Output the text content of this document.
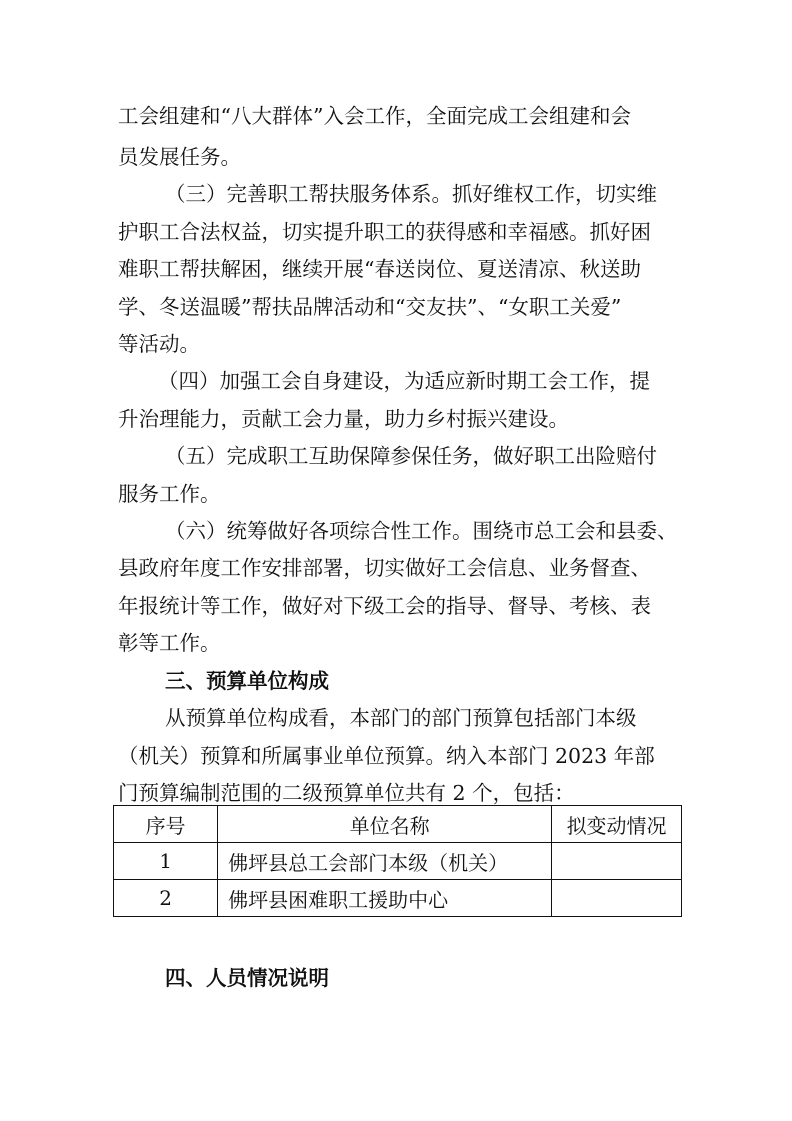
工会组建和“八大群体”入会工作，全面完成工会组建和会
员发展任务。
（三）完善职工帮扶服务体系。抓好维权工作，切实维
护职工合法权益，切实提升职工的获得感和幸福感。抓好困
难职工帮扶解困，继续开展“春送岗位、夏送清凉、秋送助
学、冬送温暖”帮扶品牌活动和“交友扶”、“女职工关爱”
等活动。
（四）加强工会自身建设，为适应新时期工会工作，提
升治理能力，贡献工会力量，助力乡村振兴建设。
（五）完成职工互助保障参保任务，做好职工出险赔付
服务工作。
（六）统筹做好各项综合性工作。围绕市总工会和县委、
县政府年度工作安排部署，切实做好工会信息、业务督查、
年报统计等工作，做好对下级工会的指导、督导、考核、表
彰等工作。
三、预算单位构成
从预算单位构成看，本部门的部门预算包括部门本级
（机关）预算和所属事业单位预算。纳入本部门 2023 年部
门预算编制范围的二级预算单位共有 2 个，包括：
序号	单位名称	拟变动情况
1	佛坪县总工会部门本级（机关）	
2	佛坪县困难职工援助中心	
四、人员情况说明
